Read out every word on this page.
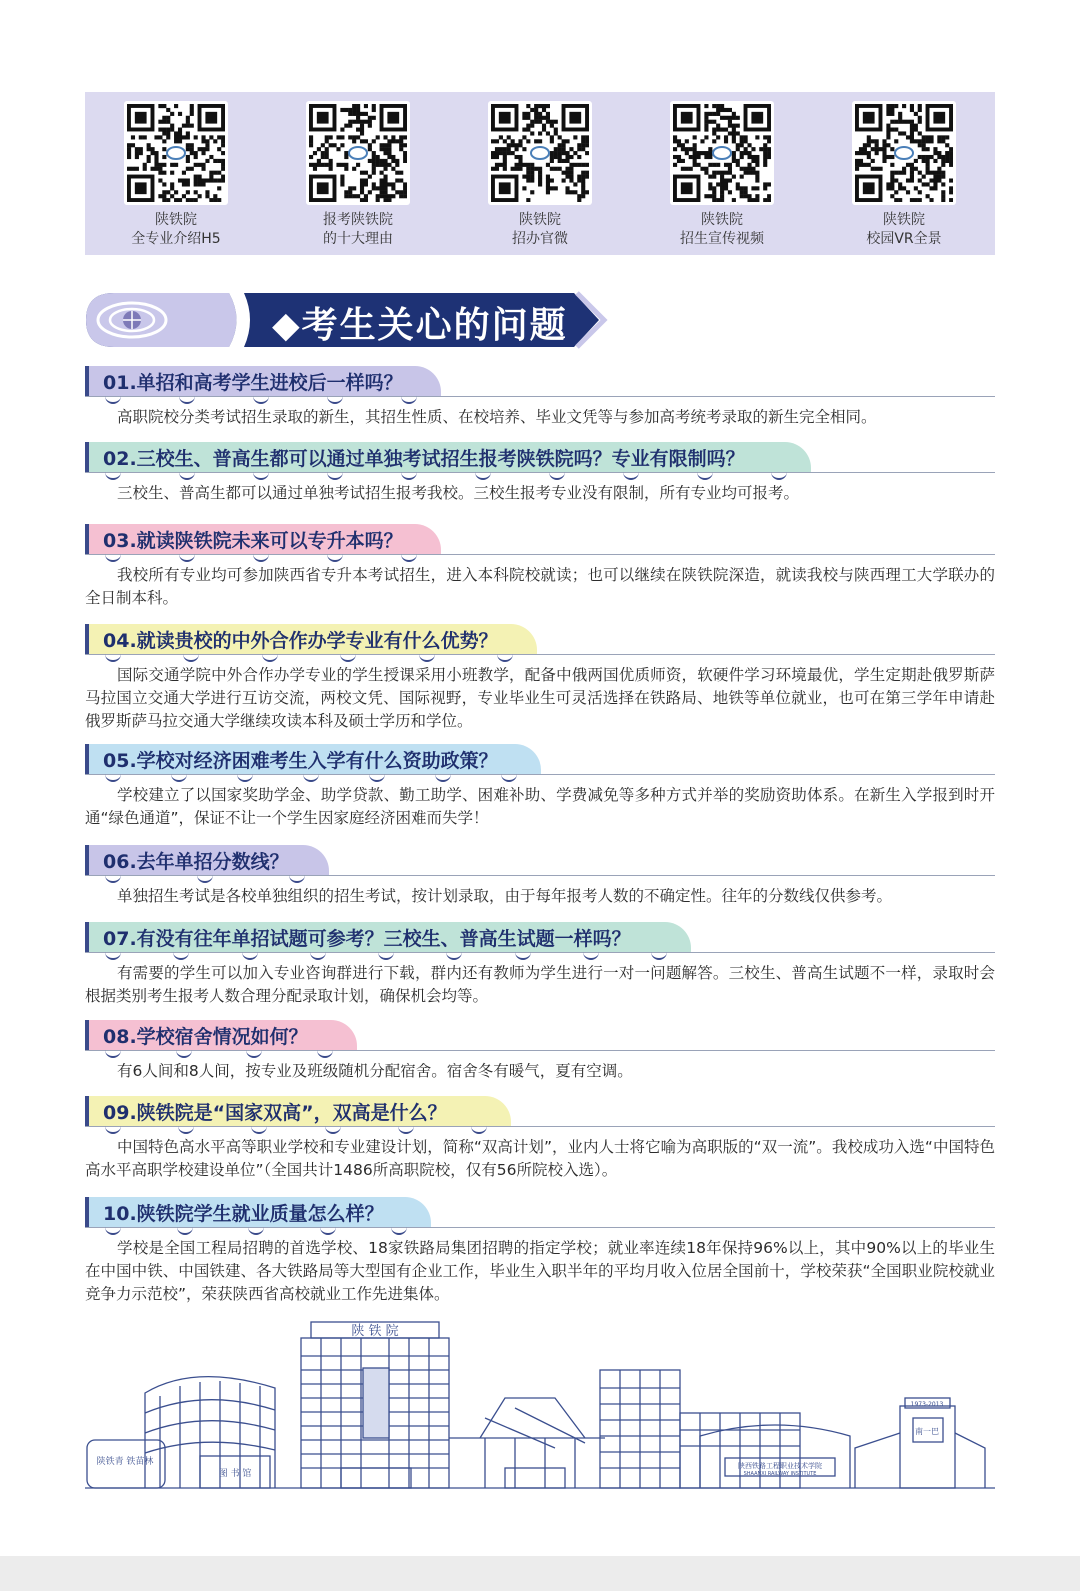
陕铁院
全专业介绍H5
报考陕铁院
的十大理由
陕铁院
招办官微
陕铁院
招生宣传视频
陕铁院
校园VR全景
◆考生关心的问题
01.单招和高考学生进校后一样吗？

高职院校分类考试招生录取的新生，其招生性质、在校培养、毕业文凭等与参加高考统考录取的新生完全相同。

02.三校生、普高生都可以通过单独考试招生报考陕铁院吗？专业有限制吗？

三校生、普高生都可以通过单独考试招生报考我校。三校生报考专业没有限制，所有专业均可报考。

03.就读陕铁院未来可以专升本吗？

我校所有专业均可参加陕西省专升本考试招生，进入本科院校就读；也可以继续在陕铁院深造，就读我校与陕西理工大学联办的全日制本科。

04.就读贵校的中外合作办学专业有什么优势？

国际交通学院中外合作办学专业的学生授课采用小班教学，配备中俄两国优质师资，软硬件学习环境最优，学生定期赴俄罗斯萨马拉国立交通大学进行互访交流，两校文凭、国际视野，专业毕业生可灵活选择在铁路局、地铁等单位就业，也可在第三学年申请赴俄罗斯萨马拉交通大学继续攻读本科及硕士学历和学位。

05.学校对经济困难考生入学有什么资助政策？

学校建立了以国家奖助学金、助学贷款、勤工助学、困难补助、学费减免等多种方式并举的奖励资助体系。在新生入学报到时开通“绿色通道”，保证不让一个学生因家庭经济困难而失学！

06.去年单招分数线？

单独招生考试是各校单独组织的招生考试，按计划录取，由于每年报考人数的不确定性。往年的分数线仅供参考。

07.有没有往年单招试题可参考？三校生、普高生试题一样吗？

有需要的学生可以加入专业咨询群进行下载，群内还有教师为学生进行一对一问题解答。三校生、普高生试题不一样，录取时会根据类别考生报考人数合理分配录取计划，确保机会均等。

08.学校宿舍情况如何？

有6人间和8人间，按专业及班级随机分配宿舍。宿舍冬有暖气，夏有空调。

09.陕铁院是“国家双高”，双高是什么？

中国特色高水平高等职业学校和专业建设计划，简称“双高计划”，业内人士将它喻为高职版的“双一流”。我校成功入选“中国特色高水平高职学校建设单位”（全国共计1486所高职院校，仅有56所院校入选）。

10.陕铁院学生就业质量怎么样？

学校是全国工程局招聘的首选学校、18家铁路局集团招聘的指定学校；就业率连续18年保持96%以上，其中90%以上的毕业生在中国中铁、中国铁建、各大铁路局等大型国有企业工作，毕业生入职半年的平均月收入位居全国前十，学校荣获“全国职业院校就业竞争力示范校”，荣获陕西省高校就业工作先进集体。

陕 铁 院
图 书 馆
陕西铁路工程职业技术学院
SHAANXI RAILWAY INSTITUTE
1973-2013
陕铁青 铁苗林
南一巴
